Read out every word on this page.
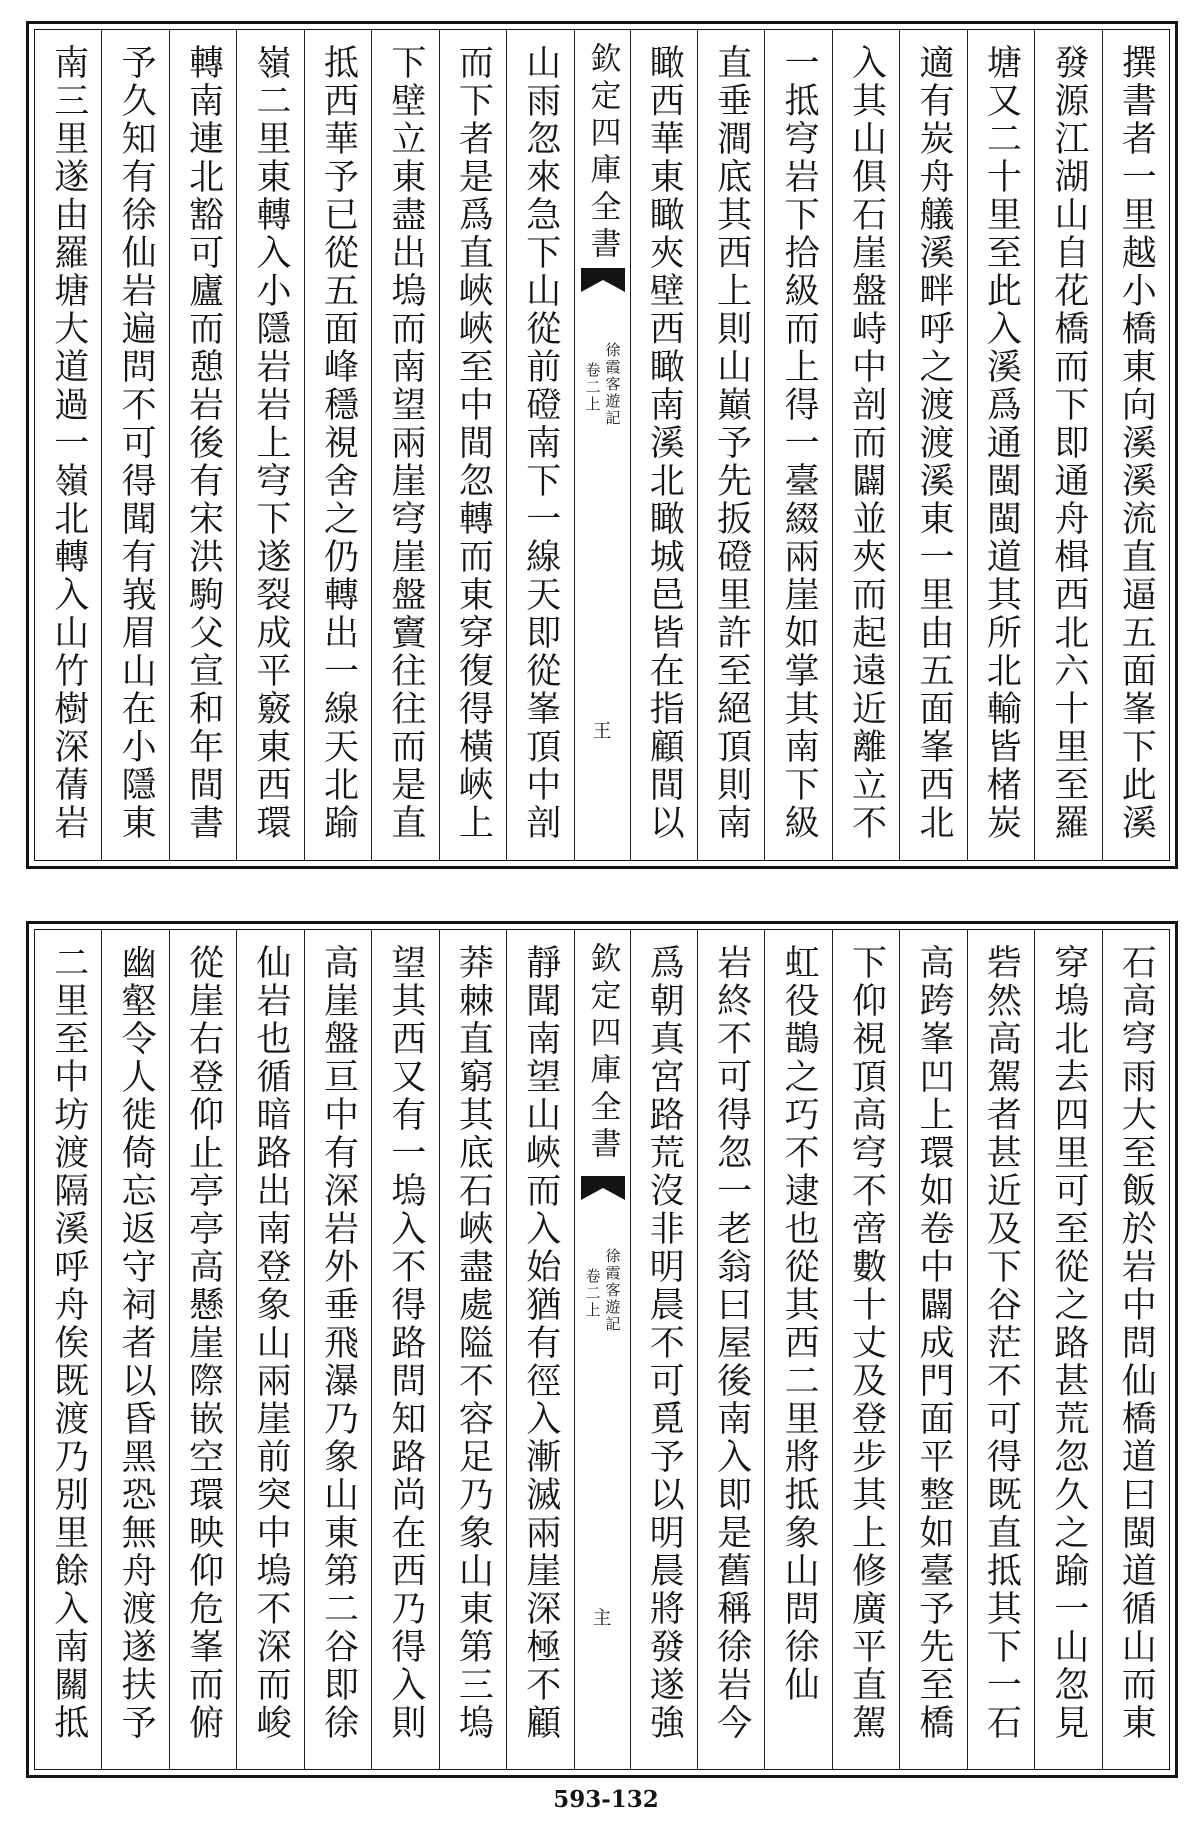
撰書者一里越小橋東向溪溪流直逼五面峯下此溪
發源江湖山自花橋而下即通舟楫西北六十里至羅
塘又二十里至此入溪爲通閩閩道其所北輸皆楮炭
適有炭舟艤溪畔呼之渡渡溪東一里由五面峯西北
入其山俱石崖盤峙中剖而闢並夾而起遠近離立不
一抵穹岩下拾級而上得一臺綴兩崖如掌其南下級
直垂澗底其西上則山巔予先扳磴里許至絕頂則南
瞰西華東瞰夾壁西瞰南溪北瞰城邑皆在指顧間以
欽定四庫全書
徐霞客遊記
卷二上
王
山雨忽來急下山從前磴南下一線天即從峯頂中剖
而下者是爲直峽峽至中間忽轉而東穿復得橫峽上
下壁立東盡出塢而南望兩崖穹崖盤竇往往而是直
抵西華予已從五面峰穩視舍之仍轉出一線天北踰
嶺二里東轉入小隱岩岩上穹下遂裂成平竅東西環
轉南連北豁可廬而憩岩後有宋洪駒父宣和年間書
予久知有徐仙岩遍問不可得聞有峩眉山在小隱東
南三里遂由羅塘大道過一嶺北轉入山竹樹深蒨岩
石高穹雨大至飯於岩中問仙橋道曰閩道循山而東
穿塢北去四里可至從之路甚荒忽久之踰一山忽見
砦然高駕者甚近及下谷茫不可得既直抵其下一石
高跨峯凹上環如卷中闢成門面平整如臺予先至橋
下仰視頂高穹不啻數十丈及登步其上修廣平直駕
虹役鵲之巧不逮也從其西二里將抵象山問徐仙
岩終不可得忽一老翁曰屋後南入即是舊稱徐岩今
爲朝真宮路荒沒非明晨不可覓予以明晨將發遂強
欽定四庫全書
徐霞客遊記
卷二上
主
靜聞南望山峽而入始猶有徑入漸滅兩崖深極不顧
莽棘直窮其底石峽盡處隘不容足乃象山東第三塢
望其西又有一塢入不得路問知路尚在西乃得入則
高崖盤亘中有深岩外垂飛瀑乃象山東第二谷即徐
仙岩也循暗路出南登象山兩崖前突中塢不深而峻
從崖右登仰止亭亭高懸崖際嵌空環映仰危峯而俯
幽壑令人徙倚忘返守祠者以昏黑恐無舟渡遂扶予
二里至中坊渡隔溪呼舟俟既渡乃別里餘入南關抵
593-132
